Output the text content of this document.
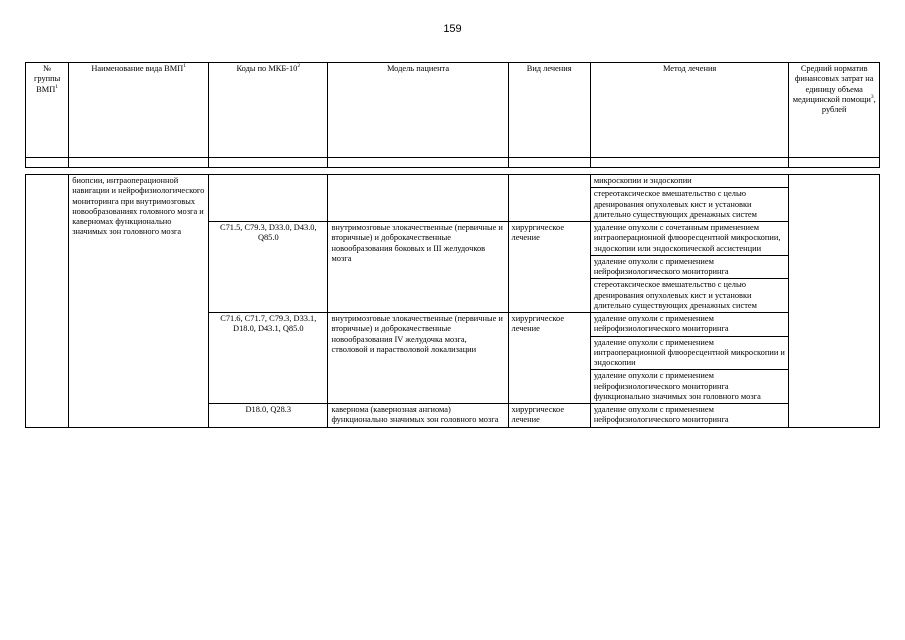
159
№ группы ВМП$^1$	Наименование вида ВМП$^1$	Коды по МКБ-$10^2$	Модель пациента	Вид лечения	Метод лечения	Средний норматив финансовых затрат на единицу объема медицинской помощи$^3$, рублей

	биопсии, интраоперационной навигации и нейрофизиологического мониторинга при внутримозговых новообразованиях головного мозга и каверномах функционально значимых зон головного мозга				микроскопии и эндоскопии	
					стереотаксическое вмешательство с целью дренирования опухолевых кист и установки длительно существующих дренажных систем	
		C71.5, C79.3, D33.0, D43.0, Q85.0	внутримозговые злокачественные (первичные и вторичные) и доброкачественные новообразования боковых и III желудочков мозга	хирургическое лечение	удаление опухоли с сочетанным применением интраоперационной флюоресцентной микроскопии, эндоскопии или эндоскопической ассистенции	
					удаление опухоли с применением нейрофизиологического мониторинга	
					стереотаксическое вмешательство с целью дренирования опухолевых кист и установки длительно существующих дренажных систем	
		C71.6, C71.7, C79.3, D33.1, D18.0, D43.1, Q85.0	внутримозговые злокачественные (первичные и вторичные) и доброкачественные новообразования IV желудочка мозга, стволовой и парастволовой локализации	хирургическое лечение	удаление опухоли с применением нейрофизиологического мониторинга	
					удаление опухоли с применением интраоперационной флюоресцентной микроскопии и эндоскопии	
					удаление опухоли с применением нейрофизиологического мониторинга функционально значимых зон головного мозга	
		D18.0, Q28.3	кавернома (кавернозная ангиома) функционально значимых зон головного мозга	хирургическое лечение	удаление опухоли с применением нейрофизиологического мониторинга	
